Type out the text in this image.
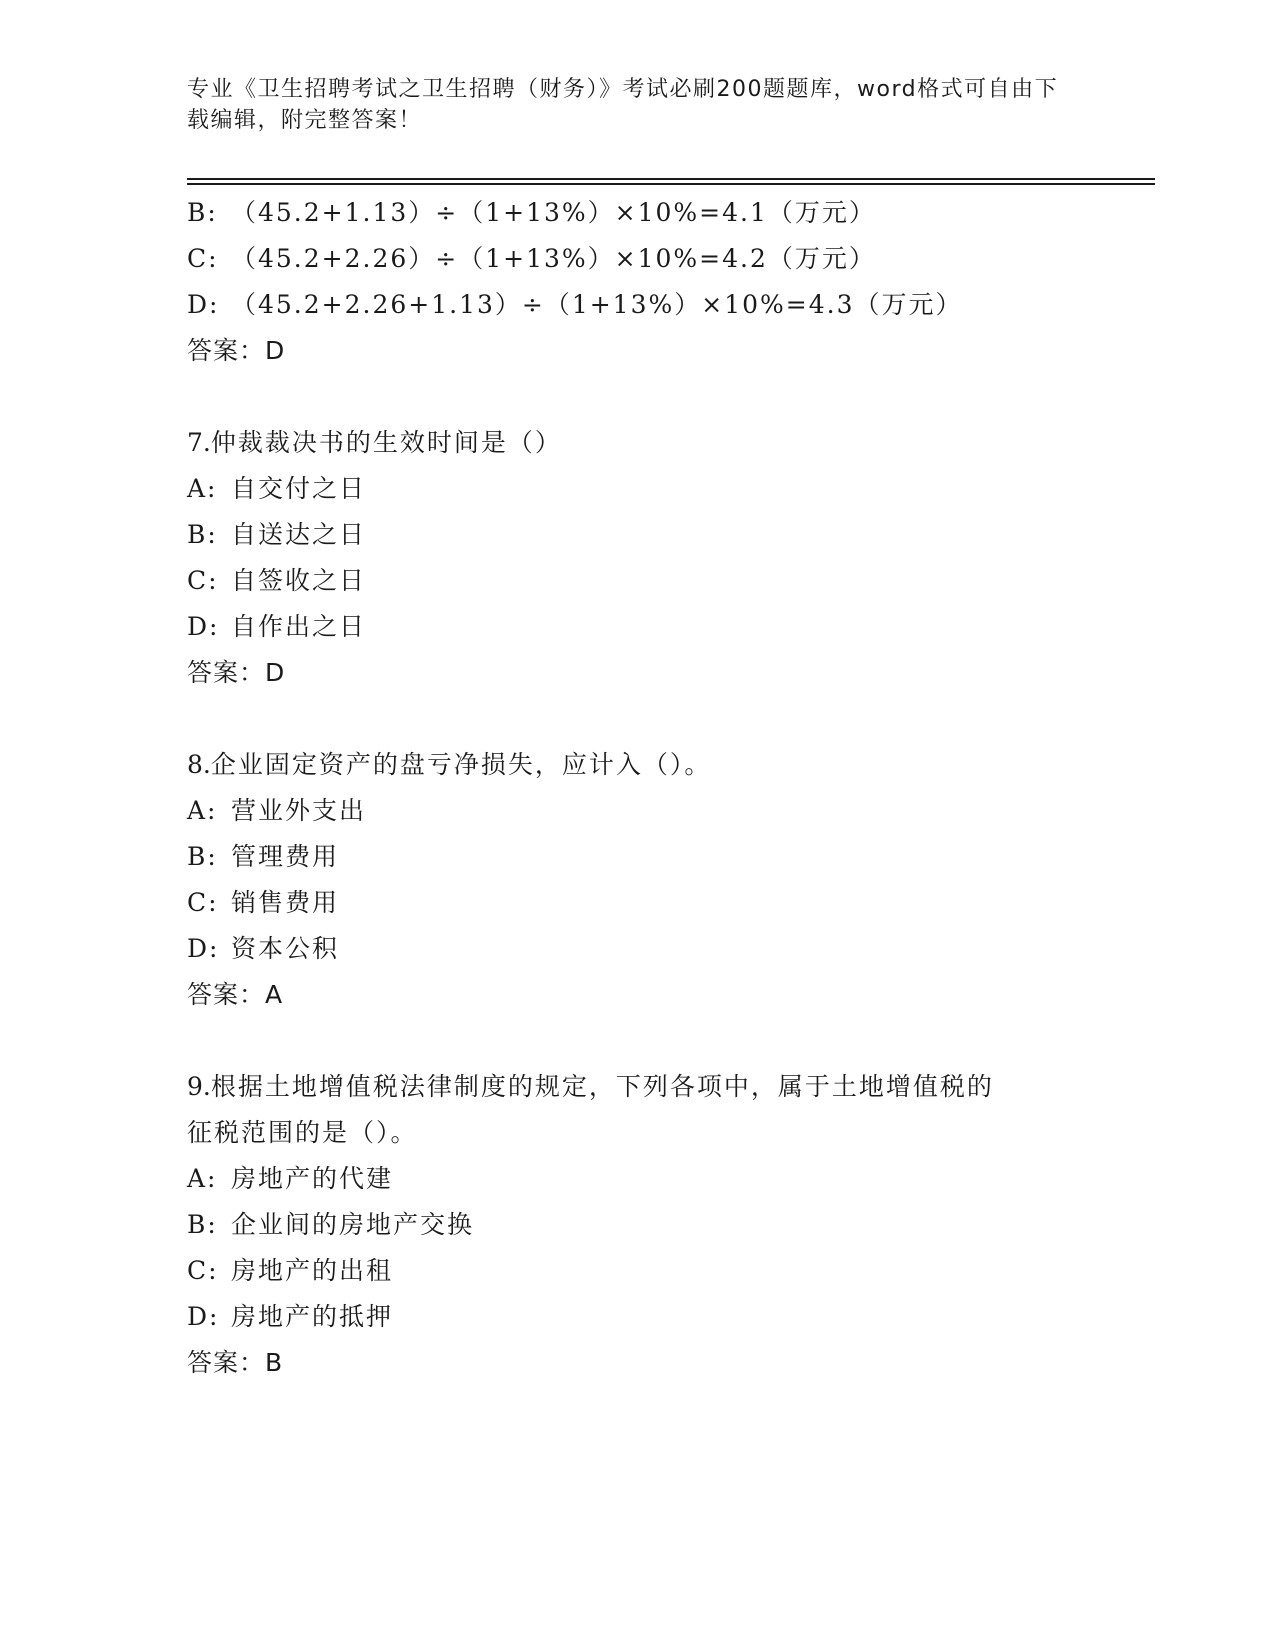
专业《卫生招聘考试之卫生招聘（财务）》考试必刷200题题库，word格式可自由下载编辑，附完整答案！
B: （45.2+1.13）÷（1+13%）×10%=4.1（万元）
C: （45.2+2.26）÷（1+13%）×10%=4.2（万元）
D: （45.2+2.26+1.13）÷（1+13%）×10%=4.3（万元）
答案：D
7.仲裁裁决书的生效时间是（）
A: 自交付之日
B: 自送达之日
C: 自签收之日
D: 自作出之日
答案：D
8.企业固定资产的盘亏净损失，应计入（）。
A: 营业外支出
B: 管理费用
C: 销售费用
D: 资本公积
答案：A
9.根据土地增值税法律制度的规定，下列各项中，属于土地增值税的
征税范围的是（）。
A: 房地产的代建
B: 企业间的房地产交换
C: 房地产的出租
D: 房地产的抵押
答案：B
